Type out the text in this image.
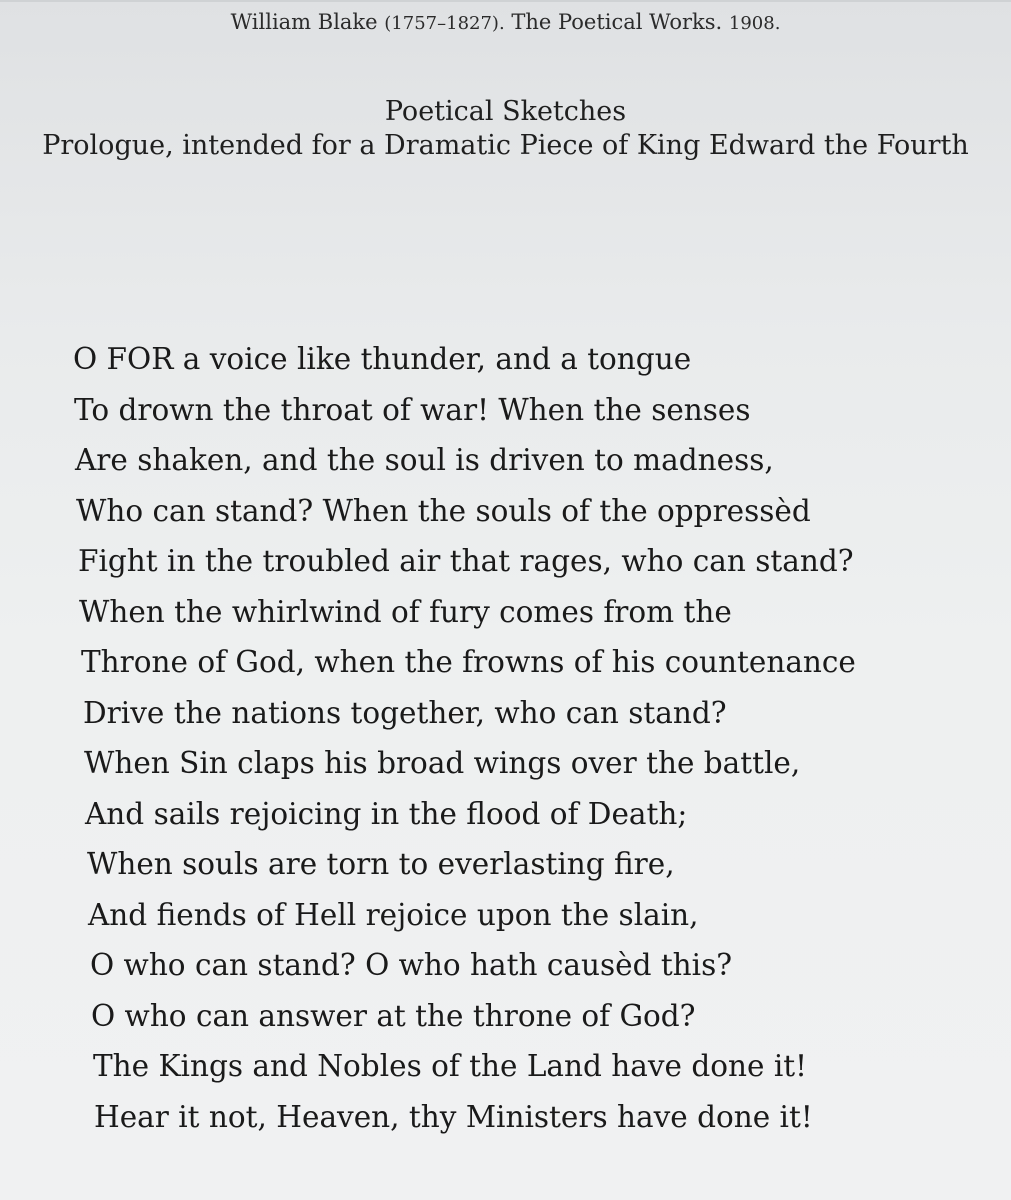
William Blake (1757–1827). The Poetical Works. 1908.
Poetical Sketches
Prologue, intended for a Dramatic Piece of King Edward the Fourth
O FOR a voice like thunder, and a tongue
To drown the throat of war! When the senses
Are shaken, and the soul is driven to madness,
Who can stand? When the souls of the oppressèd
Fight in the troubled air that rages, who can stand?
When the whirlwind of fury comes from the
Throne of God, when the frowns of his countenance
Drive the nations together, who can stand?
When Sin claps his broad wings over the battle,
And sails rejoicing in the flood of Death;
When souls are torn to everlasting fire,
And fiends of Hell rejoice upon the slain,
O who can stand? O who hath causèd this?
O who can answer at the throne of God?
The Kings and Nobles of the Land have done it!
Hear it not, Heaven, thy Ministers have done it!
